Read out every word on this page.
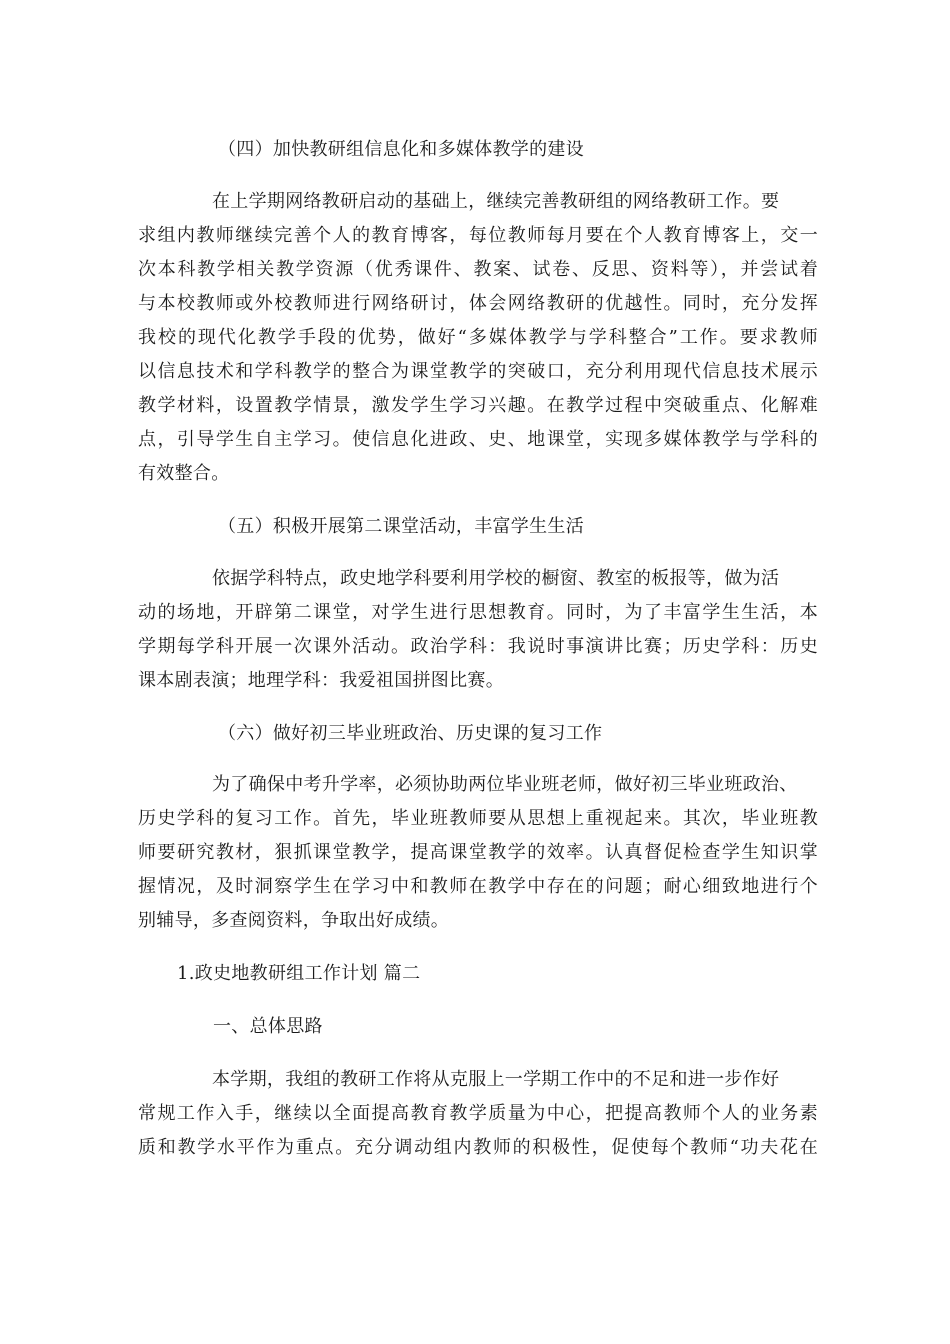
（四）加快教研组信息化和多媒体教学的建设
在上学期网络教研启动的基础上，继续完善教研组的网络教研工作。要
求组内教师继续完善个人的教育博客，每位教师每月要在个人教育博客上，交一
次本科教学相关教学资源（优秀课件、教案、试卷、反思、资料等），并尝试着
与本校教师或外校教师进行网络研讨，体会网络教研的优越性。同时，充分发挥
我校的现代化教学手段的优势，做好“多媒体教学与学科整合”工作。要求教师
以信息技术和学科教学的整合为课堂教学的突破口，充分利用现代信息技术展示
教学材料，设置教学情景，激发学生学习兴趣。在教学过程中突破重点、化解难
点，引导学生自主学习。使信息化进政、史、地课堂，实现多媒体教学与学科的
有效整合。
（五）积极开展第二课堂活动，丰富学生生活
依据学科特点，政史地学科要利用学校的橱窗、教室的板报等，做为活
动的场地，开辟第二课堂，对学生进行思想教育。同时，为了丰富学生生活，本
学期每学科开展一次课外活动。政治学科：我说时事演讲比赛；历史学科：历史
课本剧表演；地理学科：我爱祖国拼图比赛。
（六）做好初三毕业班政治、历史课的复习工作
为了确保中考升学率，必须协助两位毕业班老师，做好初三毕业班政治、
历史学科的复习工作。首先，毕业班教师要从思想上重视起来。其次，毕业班教
师要研究教材，狠抓课堂教学，提高课堂教学的效率。认真督促检查学生知识掌
握情况，及时洞察学生在学习中和教师在教学中存在的问题；耐心细致地进行个
别辅导，多查阅资料，争取出好成绩。
1.政史地教研组工作计划 篇二
一、总体思路
本学期，我组的教研工作将从克服上一学期工作中的不足和进一步作好
常规工作入手，继续以全面提高教育教学质量为中心，把提高教师个人的业务素
质和教学水平作为重点。充分调动组内教师的积极性，促使每个教师“功夫花在
